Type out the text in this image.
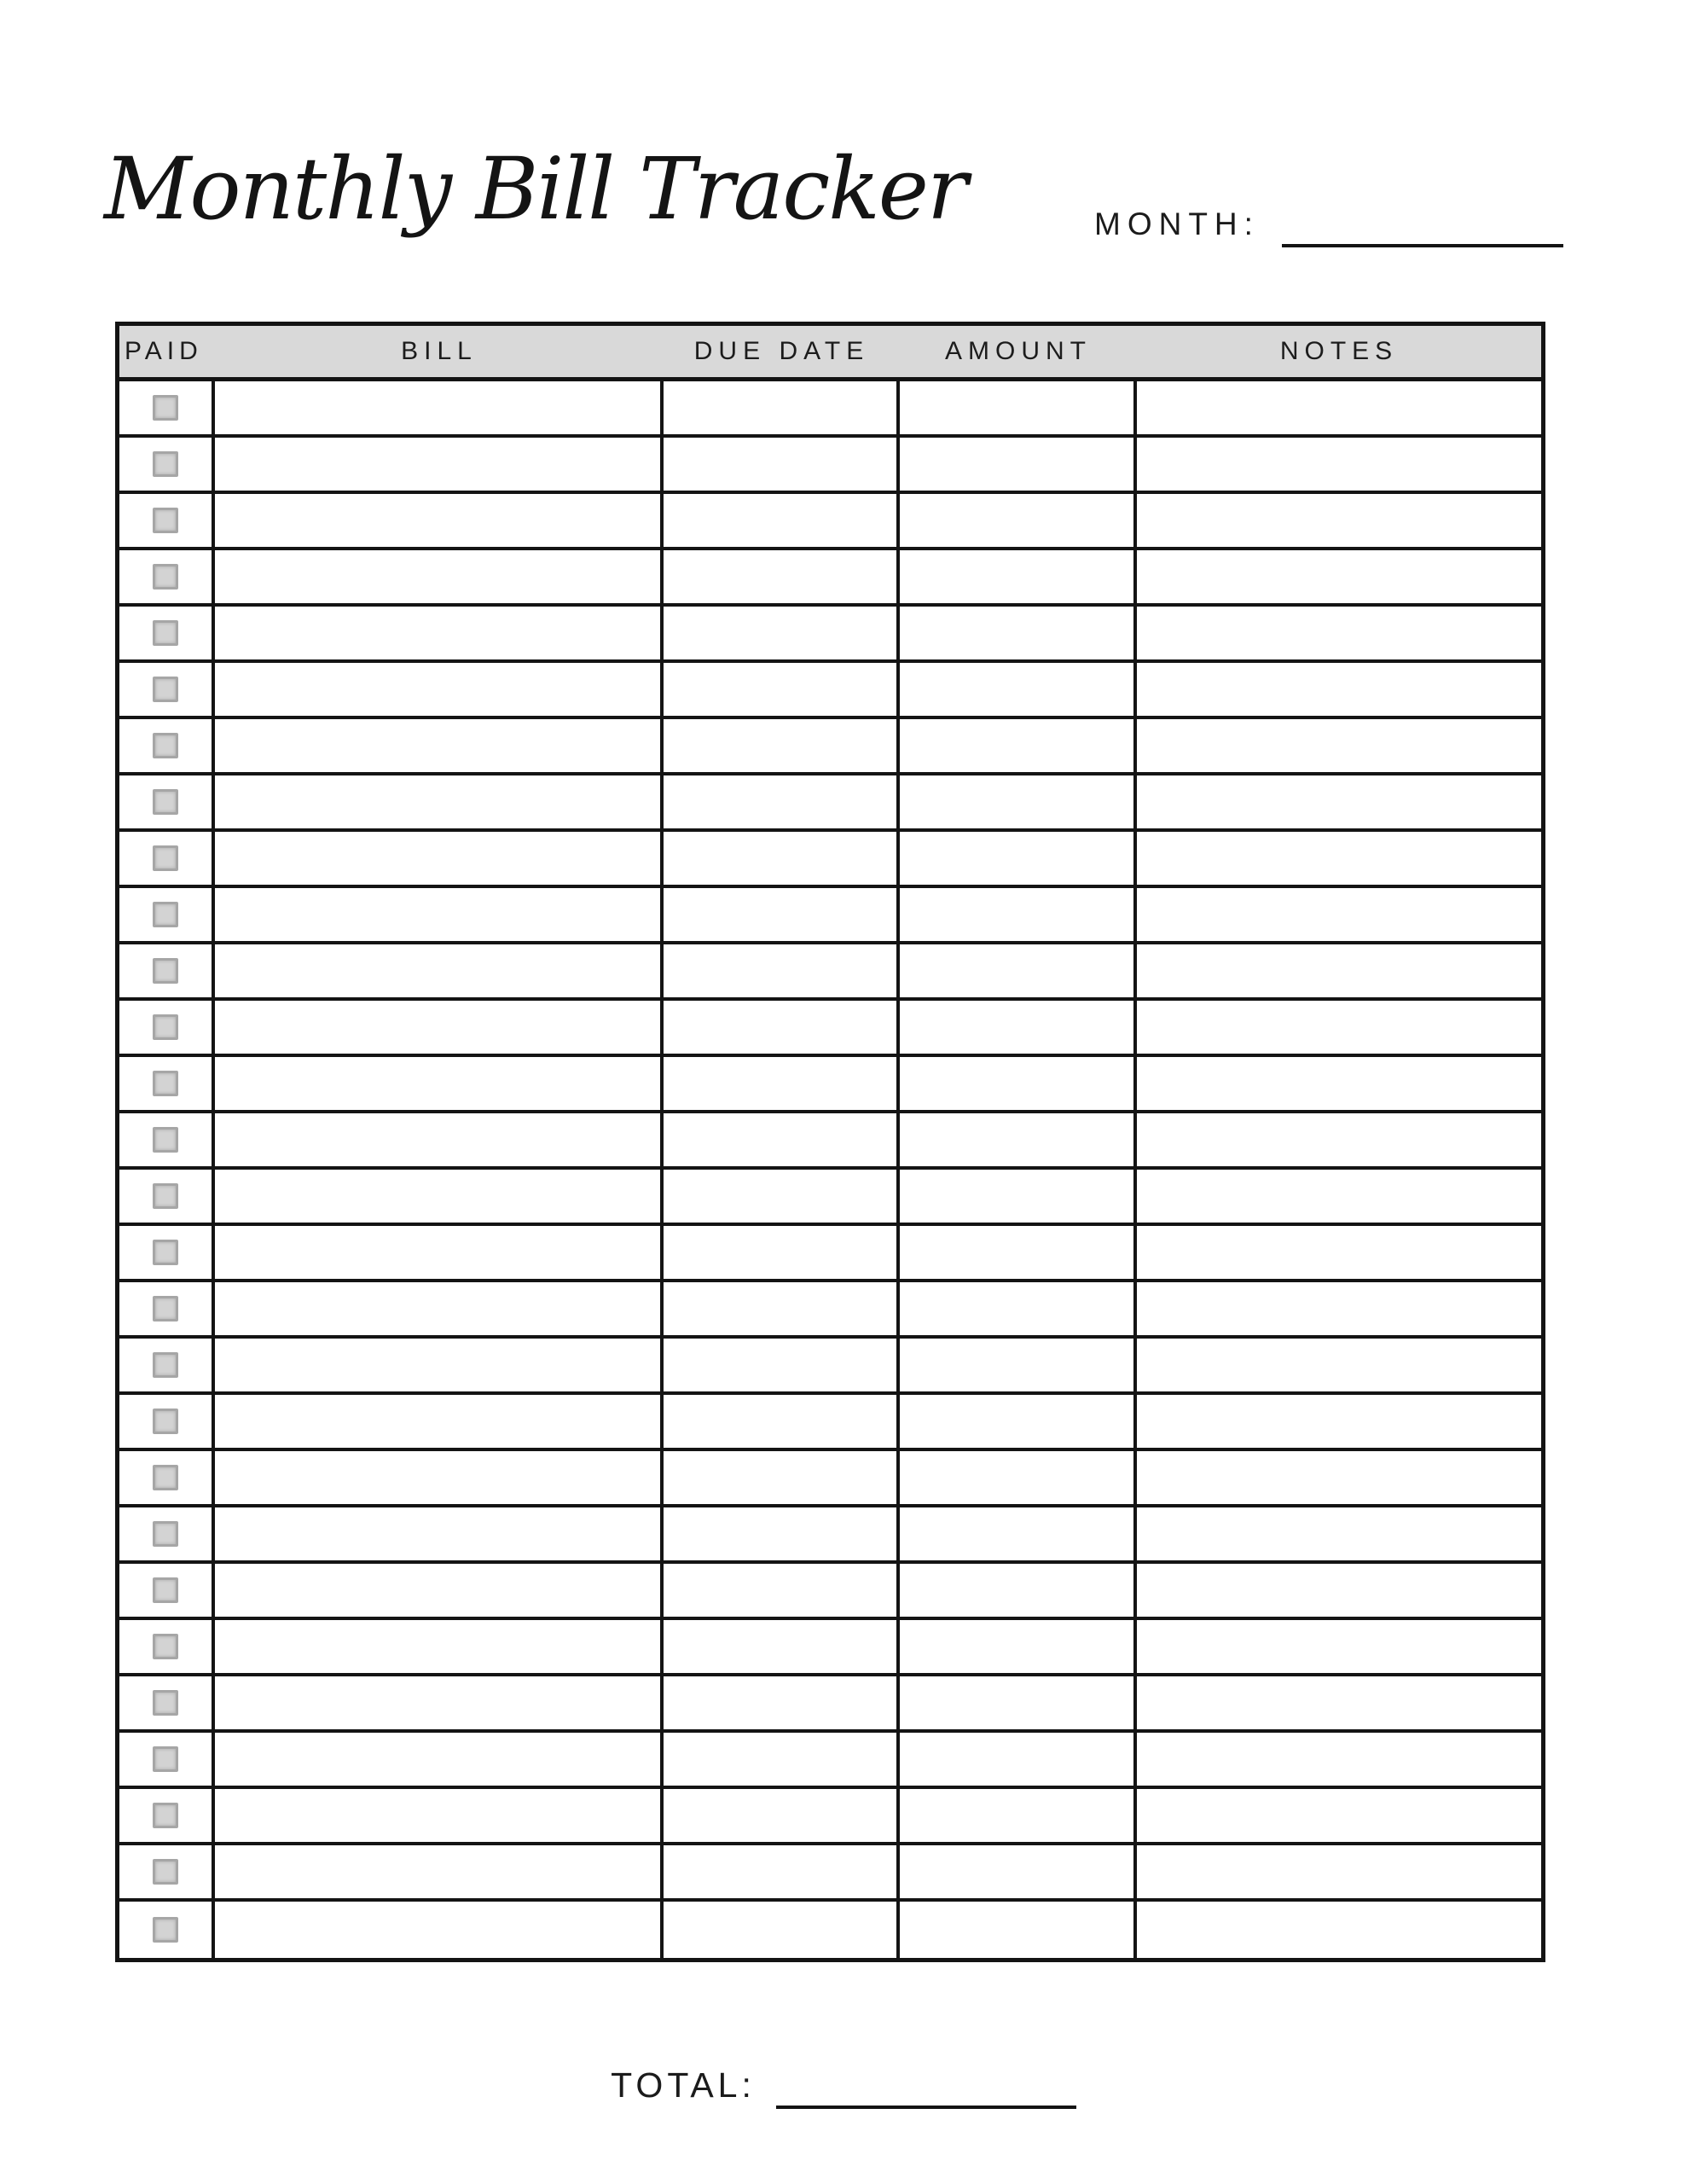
Monthly Bill Tracker	MONTH:
PAID	BILL	DUE DATE	AMOUNT	NOTES
TOTAL:
